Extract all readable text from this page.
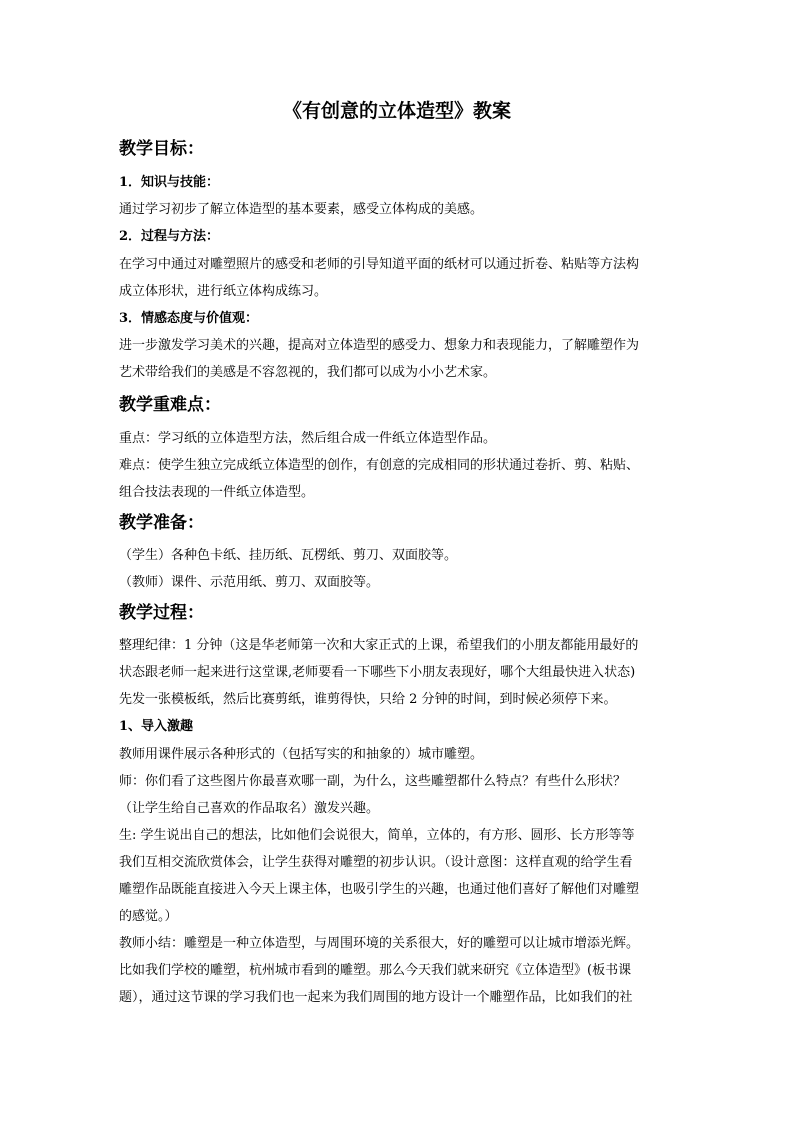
《有创意的立体造型》教案
教学目标：
1．知识与技能：
通过学习初步了解立体造型的基本要素，感受立体构成的美感。
2．过程与方法：
在学习中通过对雕塑照片的感受和老师的引导知道平面的纸材可以通过折卷、粘贴等方法构
成立体形状，进行纸立体构成练习。
3．情感态度与价值观：
进一步激发学习美术的兴趣，提高对立体造型的感受力、想象力和表现能力，了解雕塑作为
艺术带给我们的美感是不容忽视的，我们都可以成为小小艺术家。
教学重难点：
重点：学习纸的立体造型方法，然后组合成一件纸立体造型作品。
难点：使学生独立完成纸立体造型的创作，有创意的完成相同的形状通过卷折、剪、粘贴、
组合技法表现的一件纸立体造型。
教学准备：
（学生）各种色卡纸、挂历纸、瓦楞纸、剪刀、双面胶等。
（教师）课件、示范用纸、剪刀、双面胶等。
教学过程：
整理纪律：1 分钟（这是华老师第一次和大家正式的上课，希望我们的小朋友都能用最好的
状态跟老师一起来进行这堂课,老师要看一下哪些下小朋友表现好，哪个大组最快进入状态)
先发一张模板纸，然后比赛剪纸，谁剪得快，只给 2 分钟的时间，到时候必须停下来。
1、导入激趣
教师用课件展示各种形式的（包括写实的和抽象的）城市雕塑。
师：你们看了这些图片你最喜欢哪一副，为什么，这些雕塑都什么特点？有些什么形状？
（让学生给自己喜欢的作品取名）激发兴趣。
生: 学生说出自己的想法，比如他们会说很大，简单，立体的，有方形、圆形、长方形等等
我们互相交流欣赏体会，让学生获得对雕塑的初步认识。（设计意图：这样直观的给学生看
雕塑作品既能直接进入今天上课主体，也吸引学生的兴趣，也通过他们喜好了解他们对雕塑
的感觉。）
教师小结：雕塑是一种立体造型，与周围环境的关系很大，好的雕塑可以让城市增添光辉。
比如我们学校的雕塑，杭州城市看到的雕塑。那么今天我们就来研究《立体造型》(板书课
题），通过这节课的学习我们也一起来为我们周围的地方设计一个雕塑作品，比如我们的社
